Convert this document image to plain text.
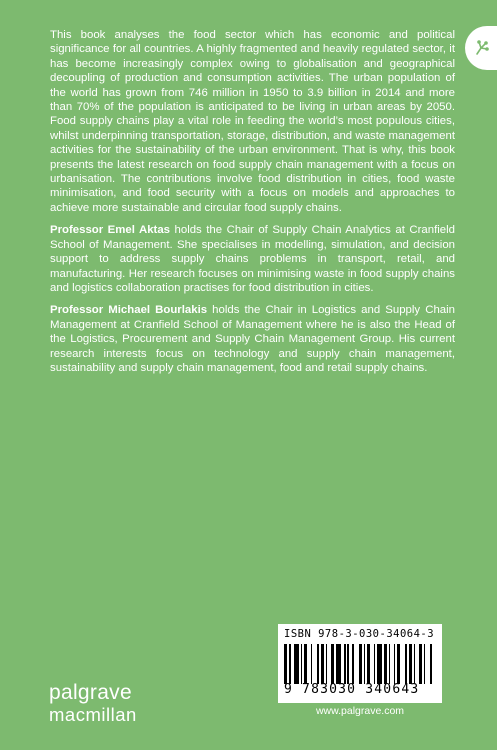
This book analyses the food sector which has economic and political significance for all countries. A highly fragmented and heavily regulated sector, it has become increasingly complex owing to globalisation and geographical decoupling of production and consumption activities. The urban population of the world has grown from 746 million in 1950 to 3.9 billion in 2014 and more than 70% of the population is anticipated to be living in urban areas by 2050. Food supply chains play a vital role in feeding the world’s most populous cities, whilst underpinning transportation, storage, distribution, and waste management activities for the sustainability of the urban environment. That is why, this book presents the latest research on food supply chain management with a focus on urbanisation. The contributions involve food distribution in cities, food waste minimisation, and food security with a focus on models and approaches to achieve more sustainable and circular food supply chains.

Professor Emel Aktas holds the Chair of Supply Chain Analytics at Cranfield School of Management. She specialises in modelling, simulation, and decision support to address supply chains problems in transport, retail, and manufacturing. Her research focuses on minimising waste in food supply chains and logistics collaboration practises for food distribution in cities.

Professor Michael Bourlakis holds the Chair in Logistics and Supply Chain Management at Cranfield School of Management where he is also the Head of the Logistics, Procurement and Supply Chain Management Group. His current research interests focus on technology and supply chain management, sustainability and supply chain management, food and retail supply chains.

ISBN 978-3-030-34064-3
9 783030 340643
www.palgrave.com
palgrave
macmillan
